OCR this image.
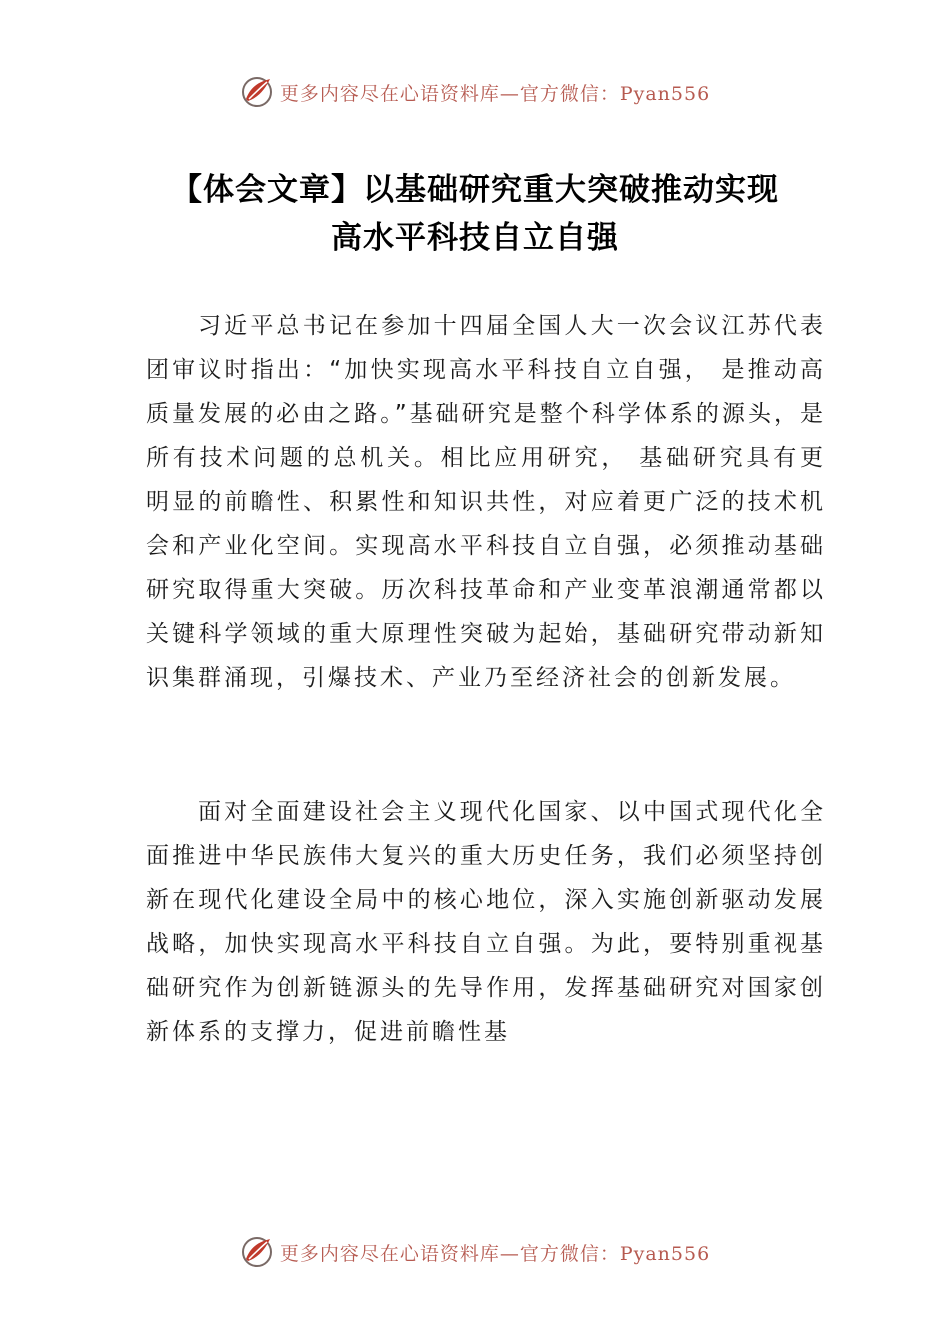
更多内容尽在心语资料库—官方微信：Pyan556
【体会文章】以基础研究重大突破推动实现
高水平科技自立自强

习近平总书记在参加十四届全国人大一次会议江苏代表团审议时指出：“加快实现高水平科技自立自强， 是推动高质量发展的必由之路。”基础研究是整个科学体系的源头，是所有技术问题的总机关。相比应用研究， 基础研究具有更明显的前瞻性、积累性和知识共性，对应着更广泛的技术机会和产业化空间。实现高水平科技自立自强，必须推动基础研究取得重大突破。历次科技革命和产业变革浪潮通常都以关键科学领域的重大原理性突破为起始，基础研究带动新知识集群涌现，引爆技术、产业乃至经济社会的创新发展。

面对全面建设社会主义现代化国家、以中国式现代化全面推进中华民族伟大复兴的重大历史任务，我们必须坚持创新在现代化建设全局中的核心地位，深入实施创新驱动发展战略，加快实现高水平科技自立自强。为此，要特别重视基础研究作为创新链源头的先导作用，发挥基础研究对国家创新体系的支撑力，促进前瞻性基

更多内容尽在心语资料库—官方微信：Pyan556
